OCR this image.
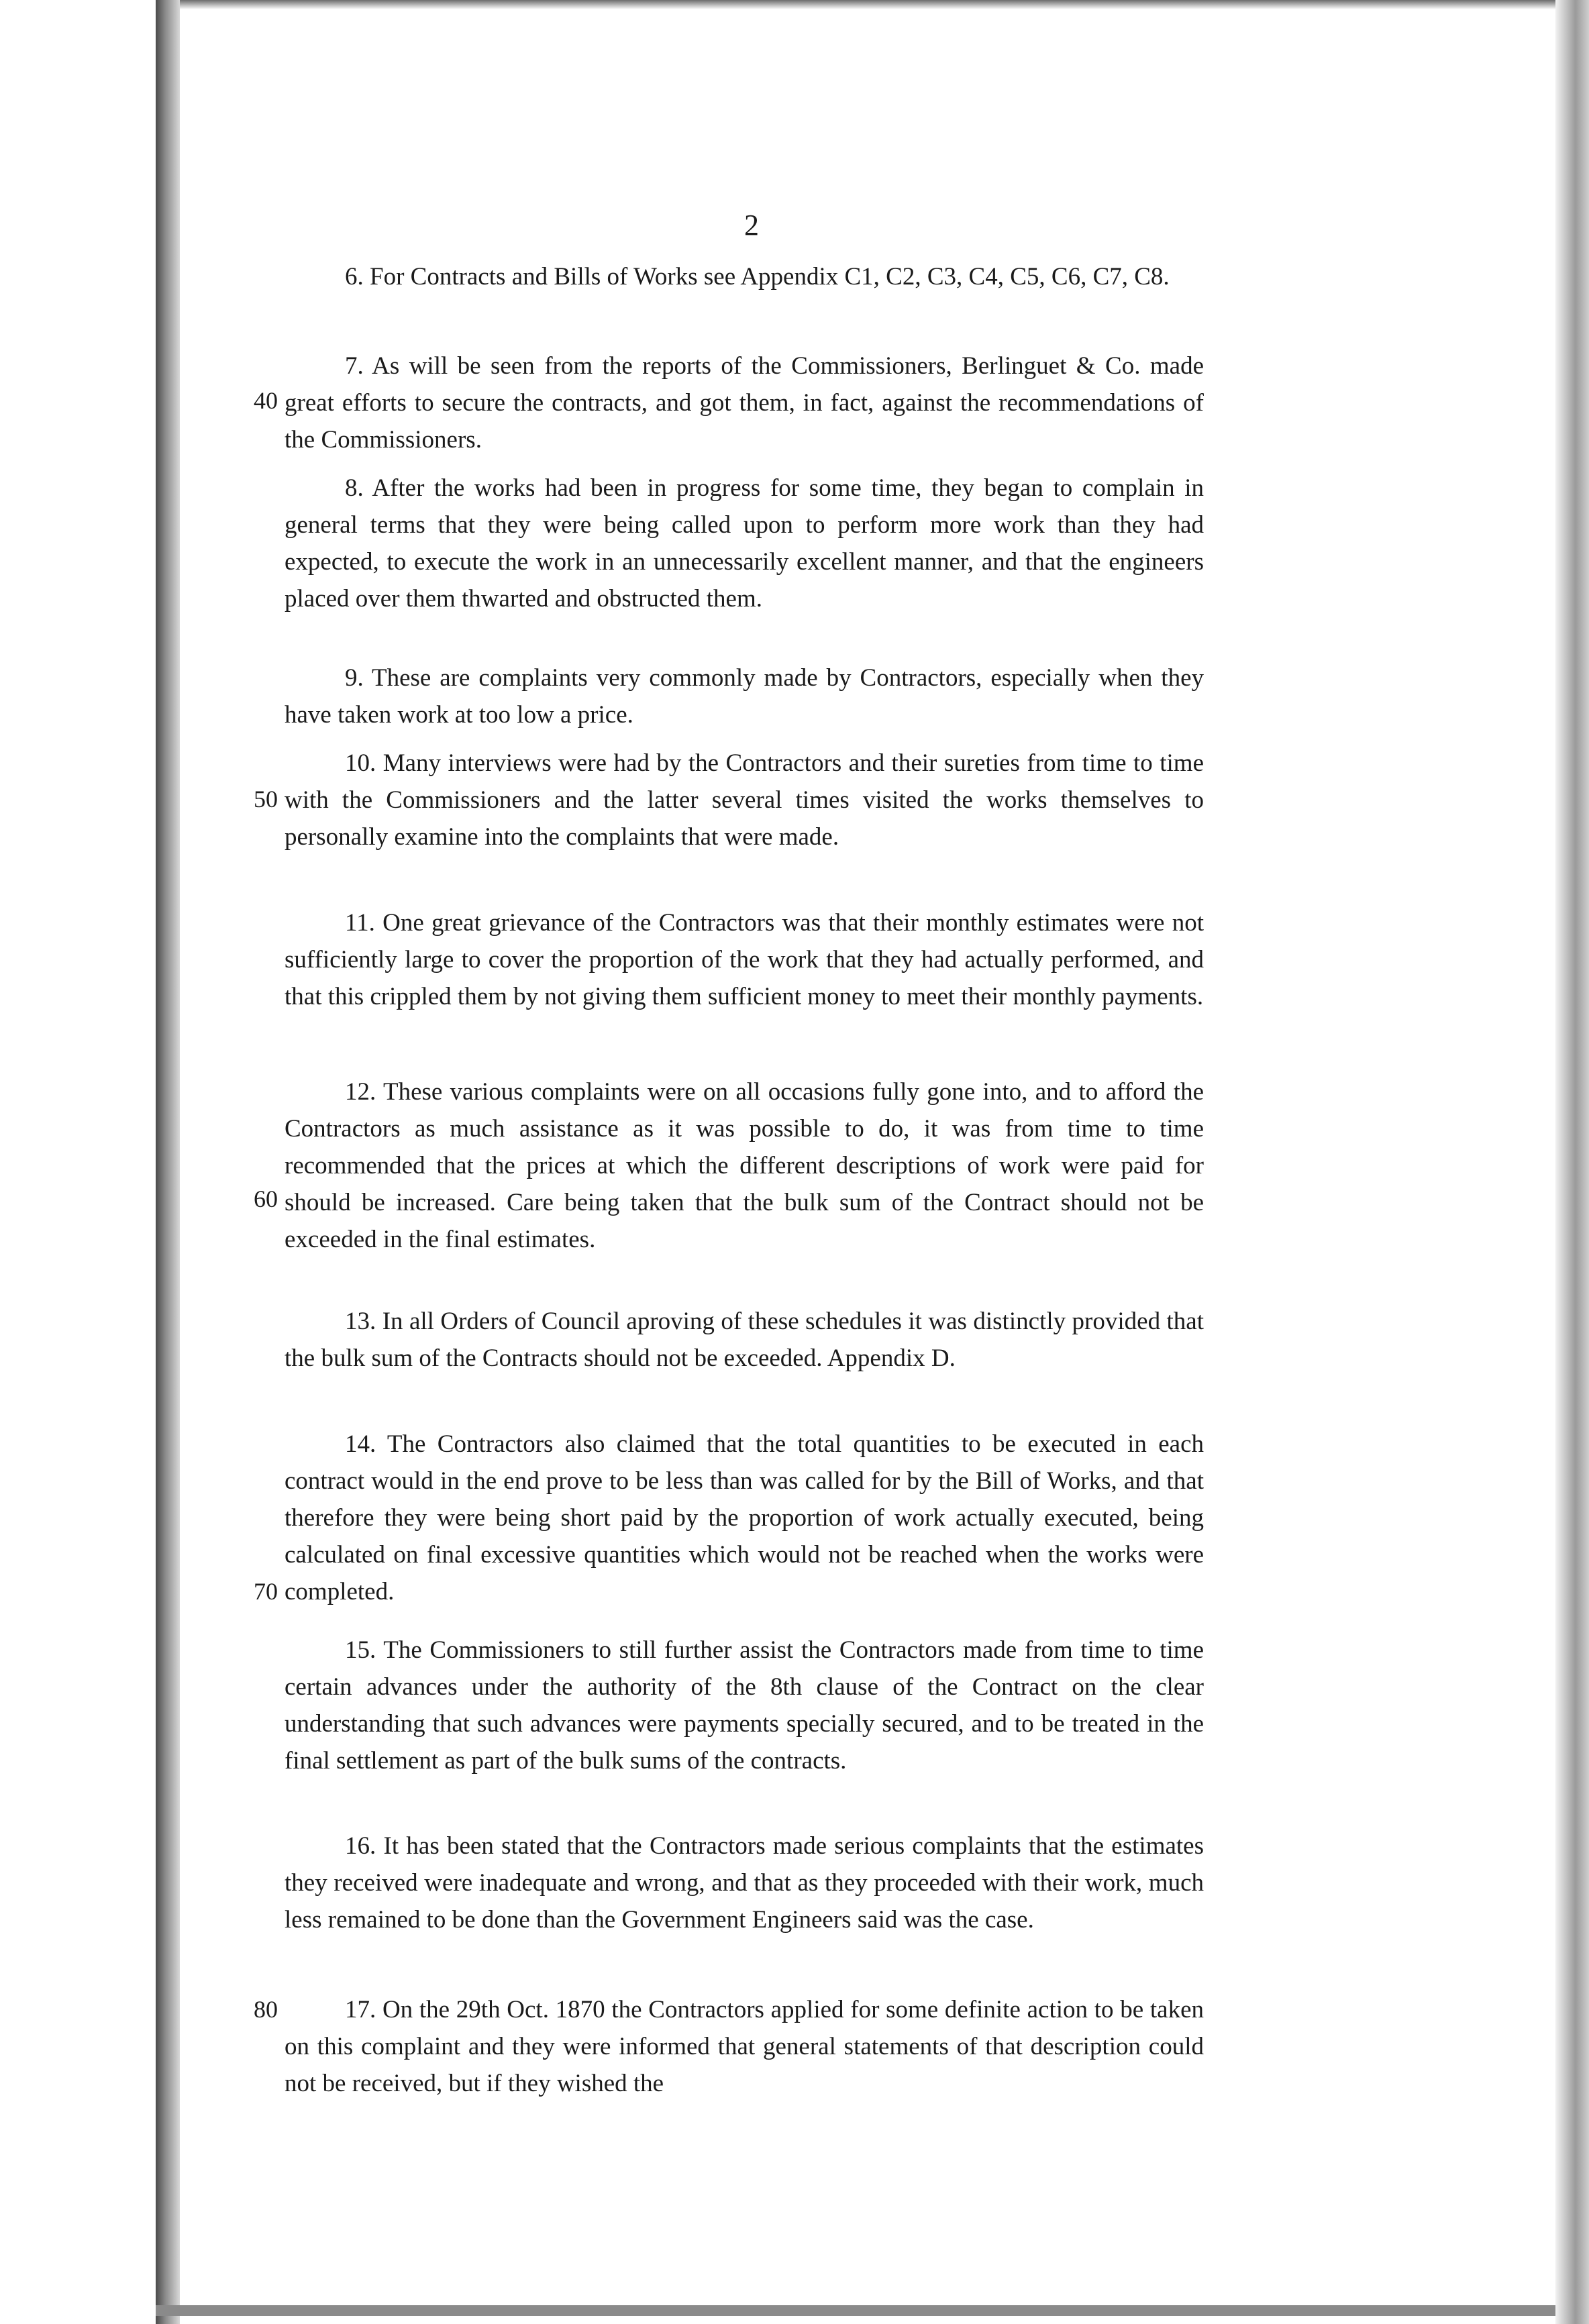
2

6. For Contracts and Bills of Works see Appendix C1, C2, C3, C4, C5, C6, C7, C8.

7. As will be seen from the reports of the Commissioners, Berlinguet & Co. made great efforts to secure the contracts, and got them, in fact, against the recommendations of the Commissioners.

8. After the works had been in progress for some time, they began to complain in general terms that they were being called upon to perform more work than they had expected, to execute the work in an unnecessarily excellent manner, and that the engineers placed over them thwarted and obstructed them.

9. These are complaints very commonly made by Contractors, especially when they have taken work at too low a price.

10. Many interviews were had by the Contractors and their sureties from time to time with the Commissioners and the latter several times visited the works themselves to personally examine into the complaints that were made.

11. One great grievance of the Contractors was that their monthly estimates were not sufficiently large to cover the proportion of the work that they had actually performed, and that this crippled them by not giving them sufficient money to meet their monthly payments.

12. These various complaints were on all occasions fully gone into, and to afford the Contractors as much assistance as it was possible to do, it was from time to time recommended that the prices at which the different descriptions of work were paid for should be increased. Care being taken that the bulk sum of the Contract should not be exceeded in the final estimates.

13. In all Orders of Council aproving of these schedules it was distinctly provided that the bulk sum of the Contracts should not be exceeded. Appendix D.

14. The Contractors also claimed that the total quantities to be executed in each contract would in the end prove to be less than was called for by the Bill of Works, and that therefore they were being short paid by the proportion of work actually executed, being calculated on final excessive quantities which would not be reached when the works were completed.

15. The Commissioners to still further assist the Contractors made from time to time certain advances under the authority of the 8th clause of the Contract on the clear understanding that such advances were payments specially secured, and to be treated in the final settlement as part of the bulk sums of the contracts.

16. It has been stated that the Contractors made serious complaints that the estimates they received were inadequate and wrong, and that as they proceeded with their work, much less remained to be done than the Government Engineers said was the case.

17. On the 29th Oct. 1870 the Contractors applied for some definite action to be taken on this complaint and they were informed that general statements of that description could not be received, but if they wished the

40
50
60
70
80
